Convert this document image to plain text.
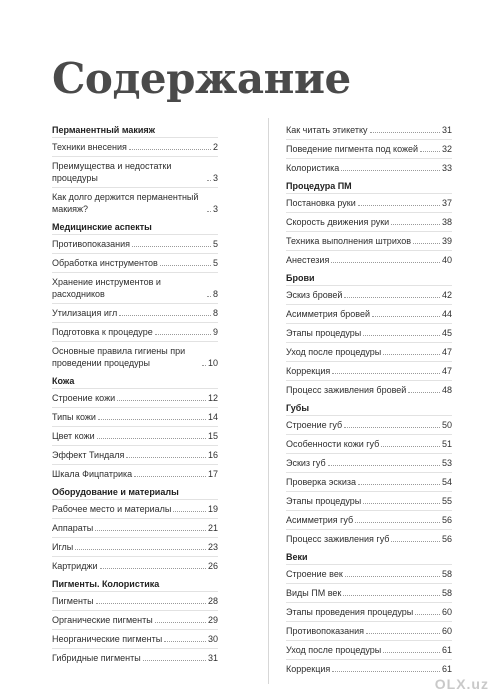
Содержание
Перманентный макияж
Техники внесения	2
Преимущества и недостатки процедуры	3
Как долго держится перманентный макияж?	3
Медицинские аспекты
Противопоказания	5
Обработка инструментов	5
Хранение инструментов и расходников	8
Утилизация игл	8
Подготовка к процедуре	9
Основные правила гигиены при проведении процедуры	10
Кожа
Строение кожи	12
Типы кожи	14
Цвет кожи	15
Эффект Тиндаля	16
Шкала Фицпатрика	17
Оборудование и материалы
Рабочее место и материалы	19
Аппараты	21
Иглы	23
Картриджи	26
Пигменты. Колористика
Пигменты	28
Органические пигменты	29
Неорганические пигменты	30
Гибридные пигменты	31
Как читать этикетку	31
Поведение пигмента под кожей	32
Колористика	33
Процедура ПМ
Постановка руки	37
Скорость движения руки	38
Техника выполнения штрихов	39
Анестезия	40
Брови
Эскиз бровей	42
Асимметрия бровей	44
Этапы процедуры	45
Уход после процедуры	47
Коррекция	47
Процесс заживления бровей	48
Губы
Строение губ	50
Особенности кожи губ	51
Эскиз губ	53
Проверка эскиза	54
Этапы процедуры	55
Асимметрия губ	56
Процесс заживления губ	56
Веки
Строение век	58
Виды ПМ век	58
Этапы проведения процедуры	60
Противопоказания	60
Уход после процедуры	61
Коррекция	61
OLX.uz
